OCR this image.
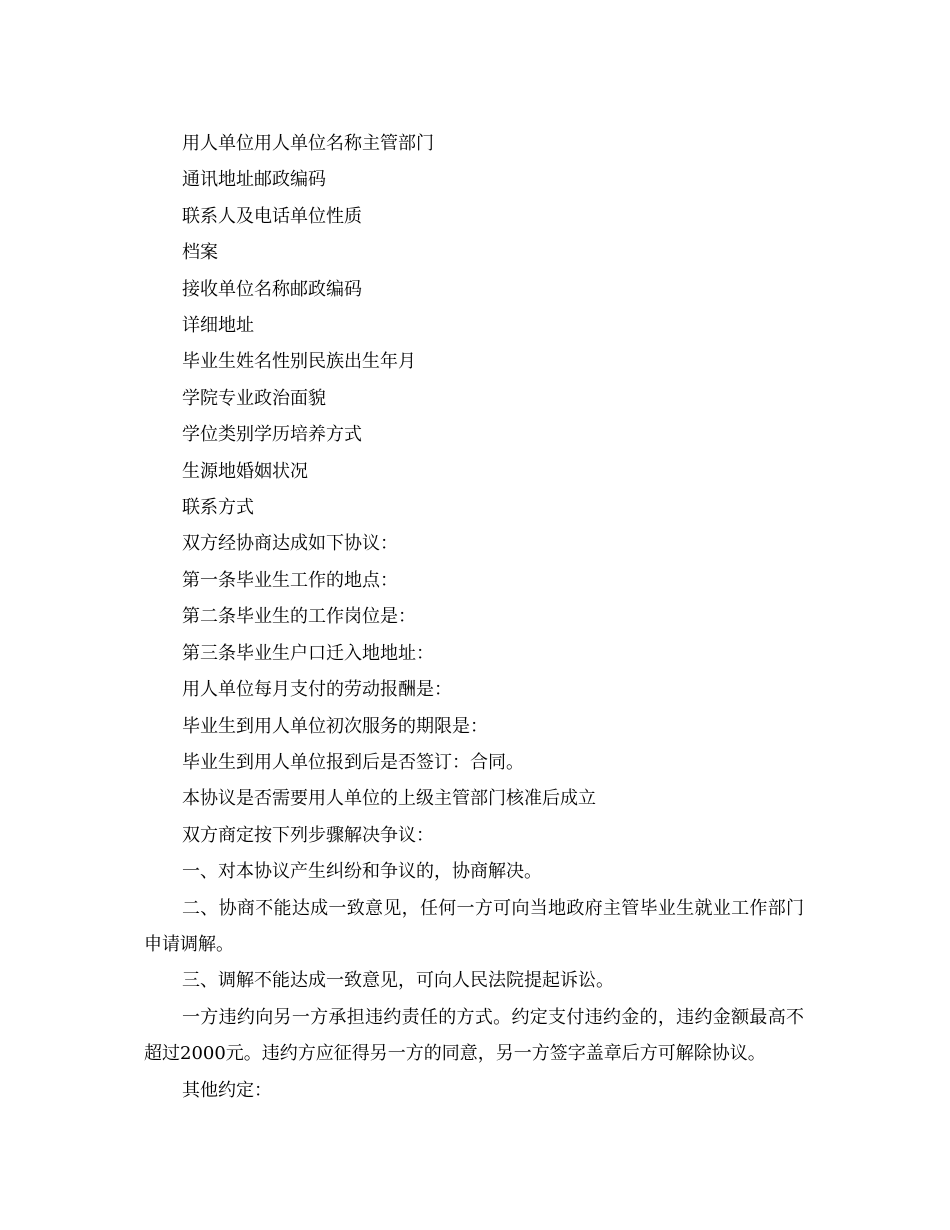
用人单位用人单位名称主管部门

通讯地址邮政编码

联系人及电话单位性质

档案

接收单位名称邮政编码

详细地址

毕业生姓名性别民族出生年月

学院专业政治面貌

学位类别学历培养方式

生源地婚姻状况

联系方式

双方经协商达成如下协议：

第一条毕业生工作的地点：

第二条毕业生的工作岗位是：

第三条毕业生户口迁入地地址：

用人单位每月支付的劳动报酬是：

毕业生到用人单位初次服务的期限是：

毕业生到用人单位报到后是否签订：合同。

本协议是否需要用人单位的上级主管部门核准后成立

双方商定按下列步骤解决争议：

一、对本协议产生纠纷和争议的，协商解决。

二、协商不能达成一致意见，任何一方可向当地政府主管毕业生就业工作部门申请调解。

三、调解不能达成一致意见，可向人民法院提起诉讼。

一方违约向另一方承担违约责任的方式。约定支付违约金的，违约金额最高不超过2000元。违约方应征得另一方的同意，另一方签字盖章后方可解除协议。

其他约定：
